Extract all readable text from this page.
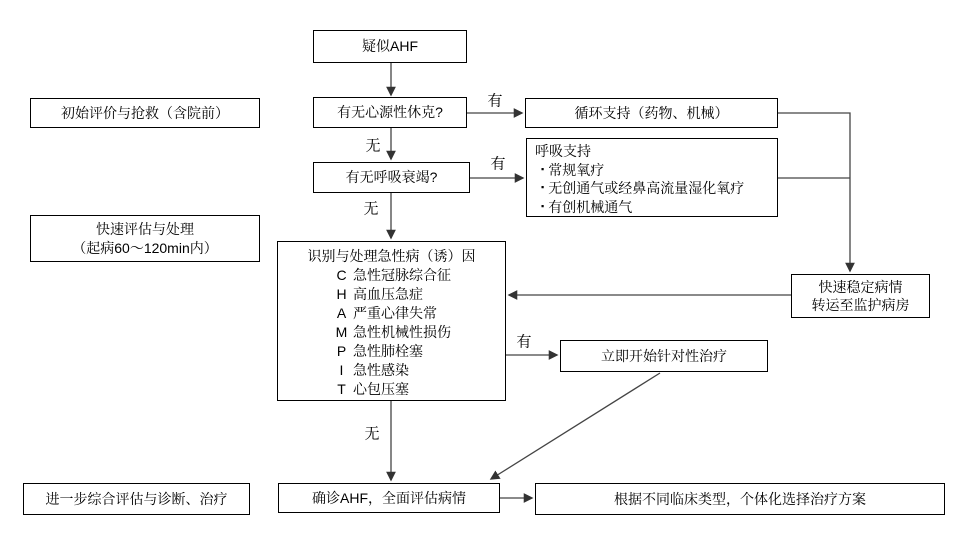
疑似AHF
有无心源性休克?	循环支持（药物、机械）
有无呼吸衰竭?
呼吸支持
▪ 常规氧疗
▪ 无创通气或经鼻高流量湿化氧疗
▪ 有创机械通气
初始评价与抢救（含院前）
快速评估与处理
（起病60～120min内）
进一步综合评估与诊断、治疗
识别与处理急性病（诱）因
C 急性冠脉综合征
H 高血压急症
A 严重心律失常
M 急性机械性损伤
P 急性肺栓塞
I 急性感染
T 心包压塞
立即开始针对性治疗
快速稳定病情
转运至监护病房
确诊AHF，全面评估病情	根据不同临床类型，个体化选择治疗方案
有
无
有
无
有
无
